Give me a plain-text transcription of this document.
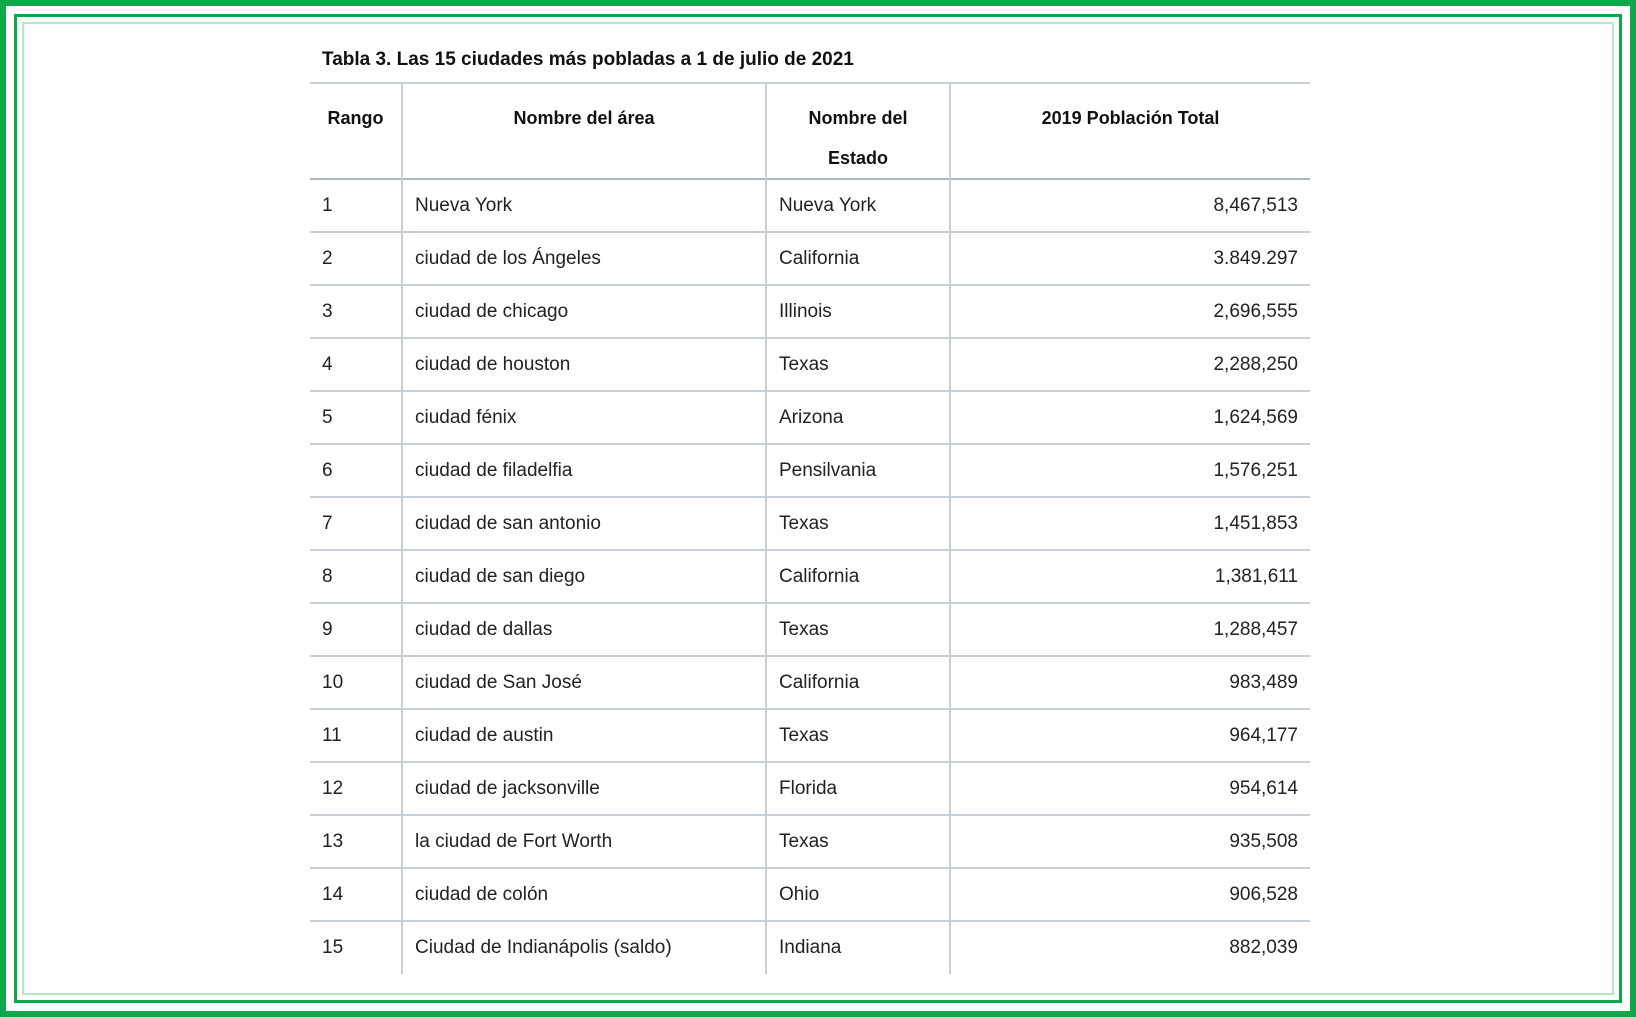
Tabla 3. Las 15 ciudades más pobladas a 1 de julio de 2021
Rango	Nombre del área	Nombre del Estado	2019 Población Total
1	Nueva York	Nueva York	8,467,513
2	ciudad de los Ángeles	California	3.849.297
3	ciudad de chicago	Illinois	2,696,555
4	ciudad de houston	Texas	2,288,250
5	ciudad fénix	Arizona	1,624,569
6	ciudad de filadelfia	Pensilvania	1,576,251
7	ciudad de san antonio	Texas	1,451,853
8	ciudad de san diego	California	1,381,611
9	ciudad de dallas	Texas	1,288,457
10	ciudad de San José	California	983,489
11	ciudad de austin	Texas	964,177
12	ciudad de jacksonville	Florida	954,614
13	la ciudad de Fort Worth	Texas	935,508
14	ciudad de colón	Ohio	906,528
15	Ciudad de Indianápolis (saldo)	Indiana	882,039
